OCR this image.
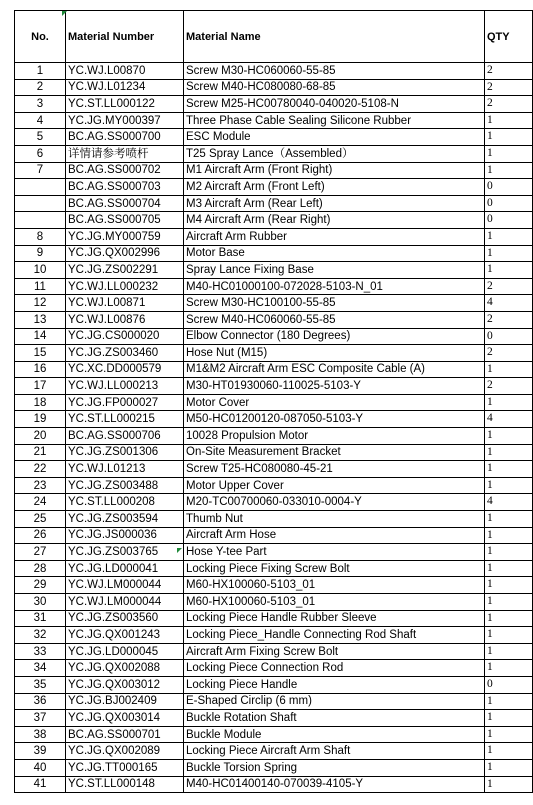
No.	Material Number	Material Name	QTY
1	YC.WJ.L00870	Screw M30-HC060060-55-85	2
2	YC.WJ.L01234	Screw M40-HC080080-68-85	2
3	YC.ST.LL000122	Screw M25-HC00780040-040020-5108-N	2
4	YC.JG.MY000397	Three Phase Cable Sealing Silicone Rubber	1
5	BC.AG.SS000700	ESC Module	1
6	详情请参考喷杆	T25 Spray Lance（Assembled）	1
7	BC.AG.SS000702	M1 Aircraft Arm (Front Right)	1
	BC.AG.SS000703	M2 Aircraft Arm (Front Left)	0
	BC.AG.SS000704	M3 Aircraft Arm (Rear Left)	0
	BC.AG.SS000705	M4 Aircraft Arm (Rear Right)	0
8	YC.JG.MY000759	Aircraft Arm Rubber	1
9	YC.JG.QX002996	Motor Base	1
10	YC.JG.ZS002291	Spray Lance Fixing Base	1
11	YC.WJ.LL000232	M40-HC01000100-072028-5103-N_01	2
12	YC.WJ.L00871	Screw M30-HC100100-55-85	4
13	YC.WJ.L00876	Screw M40-HC060060-55-85	2
14	YC.JG.CS000020	Elbow Connector (180 Degrees)	0
15	YC.JG.ZS003460	Hose Nut (M15)	2
16	YC.XC.DD000579	M1&M2 Aircraft Arm ESC Composite Cable (A)	1
17	YC.WJ.LL000213	M30-HT01930060-110025-5103-Y	2
18	YC.JG.FP000027	Motor Cover	1
19	YC.ST.LL000215	M50-HC01200120-087050-5103-Y	4
20	BC.AG.SS000706	10028 Propulsion Motor	1
21	YC.JG.ZS001306	On-Site Measurement Bracket	1
22	YC.WJ.L01213	Screw T25-HC080080-45-21	1
23	YC.JG.ZS003488	Motor Upper Cover	1
24	YC.ST.LL000208	M20-TC00700060-033010-0004-Y	4
25	YC.JG.ZS003594	Thumb Nut	1
26	YC.JG.JS000036	Aircraft Arm Hose	1
27	YC.JG.ZS003765	Hose Y-tee Part	1
28	YC.JG.LD000041	Locking Piece Fixing Screw Bolt	1
29	YC.WJ.LM000044	M60-HX100060-5103_01	1
30	YC.WJ.LM000044	M60-HX100060-5103_01	1
31	YC.JG.ZS003560	Locking Piece Handle Rubber Sleeve	1
32	YC.JG.QX001243	Locking Piece_Handle Connecting Rod Shaft	1
33	YC.JG.LD000045	Aircraft Arm Fixing Screw Bolt	1
34	YC.JG.QX002088	Locking Piece Connection Rod	1
35	YC.JG.QX003012	Locking Piece Handle	0
36	YC.JG.BJ002409	E-Shaped Circlip (6 mm)	1
37	YC.JG.QX003014	Buckle Rotation Shaft	1
38	BC.AG.SS000701	Buckle Module	1
39	YC.JG.QX002089	Locking Piece Aircraft Arm Shaft	1
40	YC.JG.TT000165	Buckle Torsion Spring	1
41	YC.ST.LL000148	M40-HC01400140-070039-4105-Y	1
